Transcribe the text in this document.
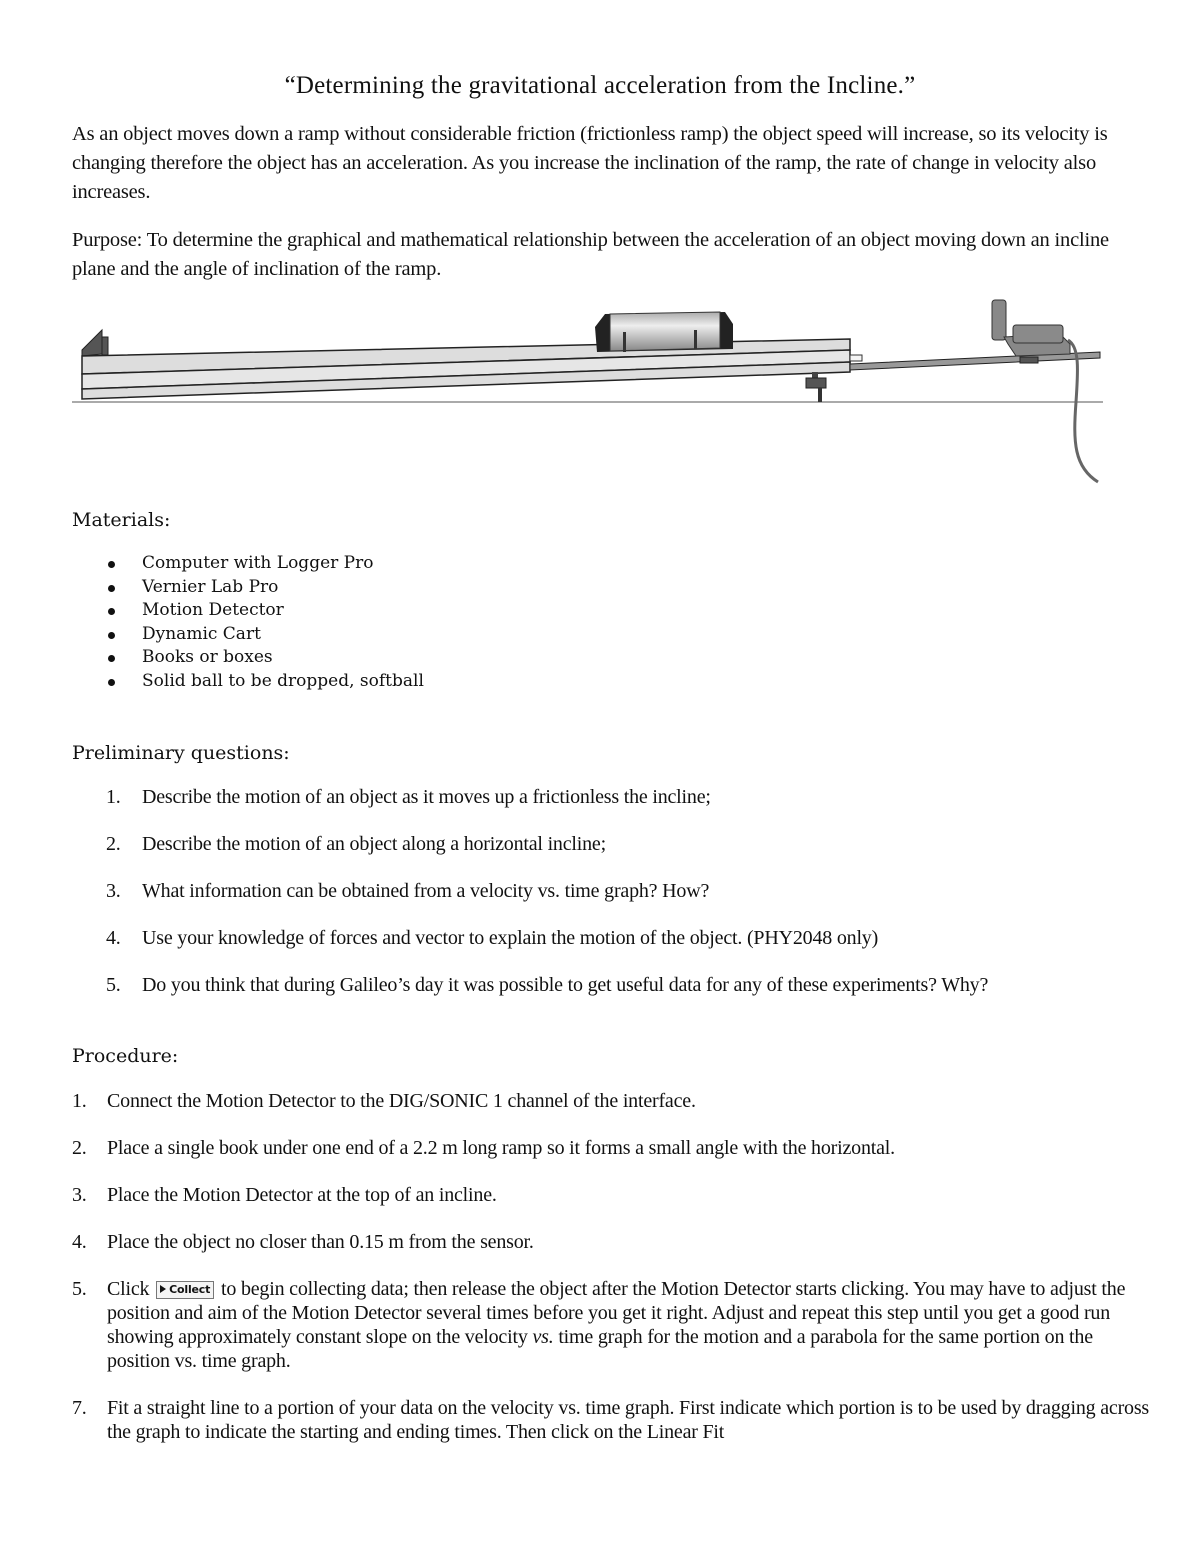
“Determining the gravitational acceleration from the Incline.”
As an object moves down a ramp without considerable friction (frictionless ramp) the object speed will increase, so its velocity is changing therefore the object has an acceleration. As you increase the inclination of the ramp, the rate of change in velocity also increases.
Purpose: To determine the graphical and mathematical relationship between the acceleration of an object moving down an incline plane and the angle of inclination of the ramp.
Materials:
Computer with Logger Pro
Vernier Lab Pro
Motion Detector
Dynamic Cart
Books or boxes
Solid ball to be dropped, softball
Preliminary questions:
1. Describe the motion of an object as it moves up a frictionless the incline;
2. Describe the motion of an object along a horizontal incline;
3. What information can be obtained from a velocity vs. time graph? How?
4. Use your knowledge of forces and vector to explain the motion of the object. (PHY2048 only)
5. Do you think that during Galileo’s day it was possible to get useful data for any of these experiments? Why?
Procedure:
1. Connect the Motion Detector to the DIG/SONIC 1 channel of the interface.
2. Place a single book under one end of a 2.2 m long ramp so it forms a small angle with the horizontal.
3. Place the Motion Detector at the top of an incline.
4. Place the object no closer than 0.15 m from the sensor.
5. Click Collect to begin collecting data; then release the object after the Motion Detector starts clicking. You may have to adjust the position and aim of the Motion Detector several times before you get it right. Adjust and repeat this step until you get a good run showing approximately constant slope on the velocity vs. time graph for the motion and a parabola for the same portion on the position vs. time graph.
7. Fit a straight line to a portion of your data on the velocity vs. time graph. First indicate which portion is to be used by dragging across the graph to indicate the starting and ending times. Then click on the Linear Fit
